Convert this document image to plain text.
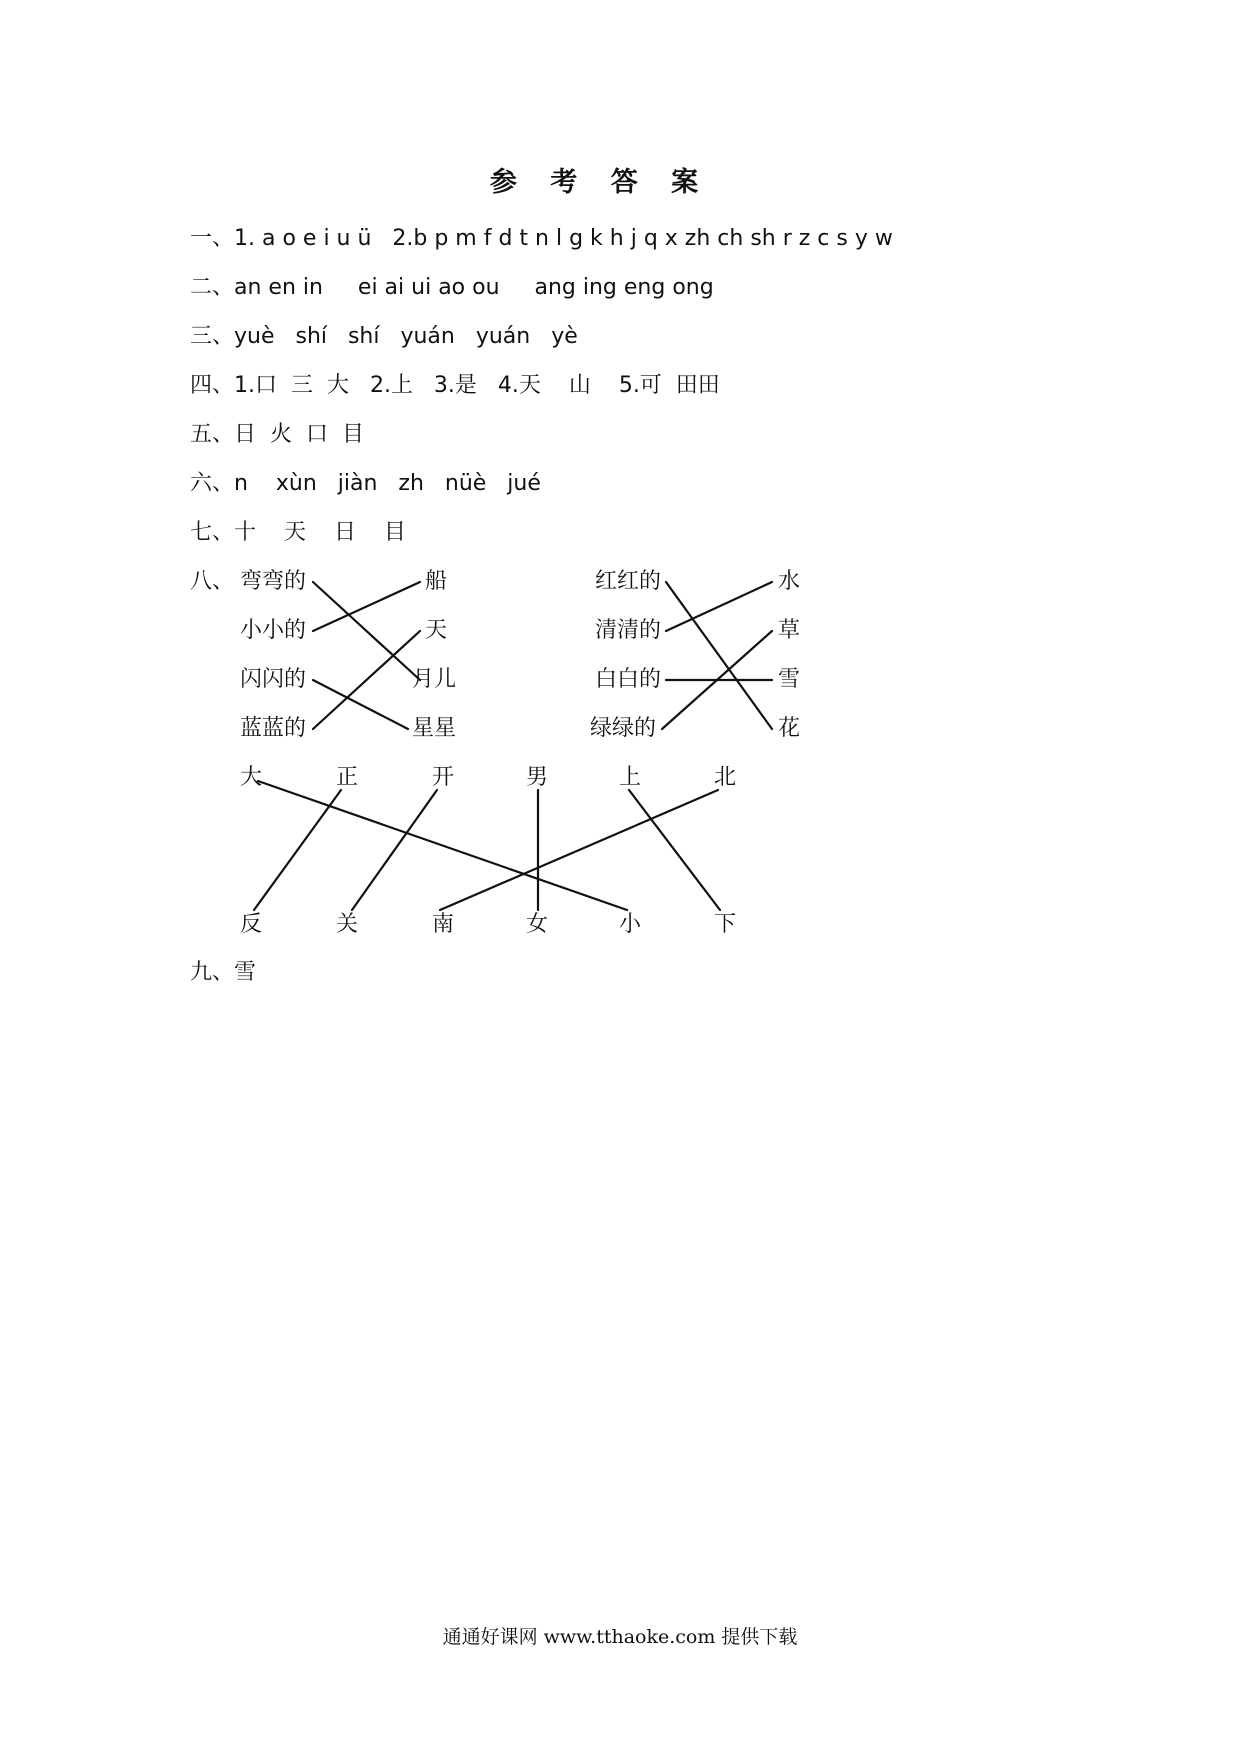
参 考 答 案
一、1. a o e i u ü   2.b p m f d t n l g k h j q x zh ch sh r z c s y w
二、an en in     ei ai ui ao ou     ang ing eng ong
三、yuè   shí   shí   yuán   yuán   yè
四、1.口  三  大   2.上   3.是   4.天    山    5.可  田田
五、日  火  口  目
六、n    xùn   jiàn   zh   nüè   jué
七、十    天    日    目
八、 弯弯的
小小的
闪闪的
蓝蓝的
船
天
月儿
星星
红红的
清清的
白白的
绿绿的
水
草
雪
花
大	正	开	男	上	北
反	关	南	女	小	下
九、雪
通通好课网 www.tthaoke.com 提供下载
